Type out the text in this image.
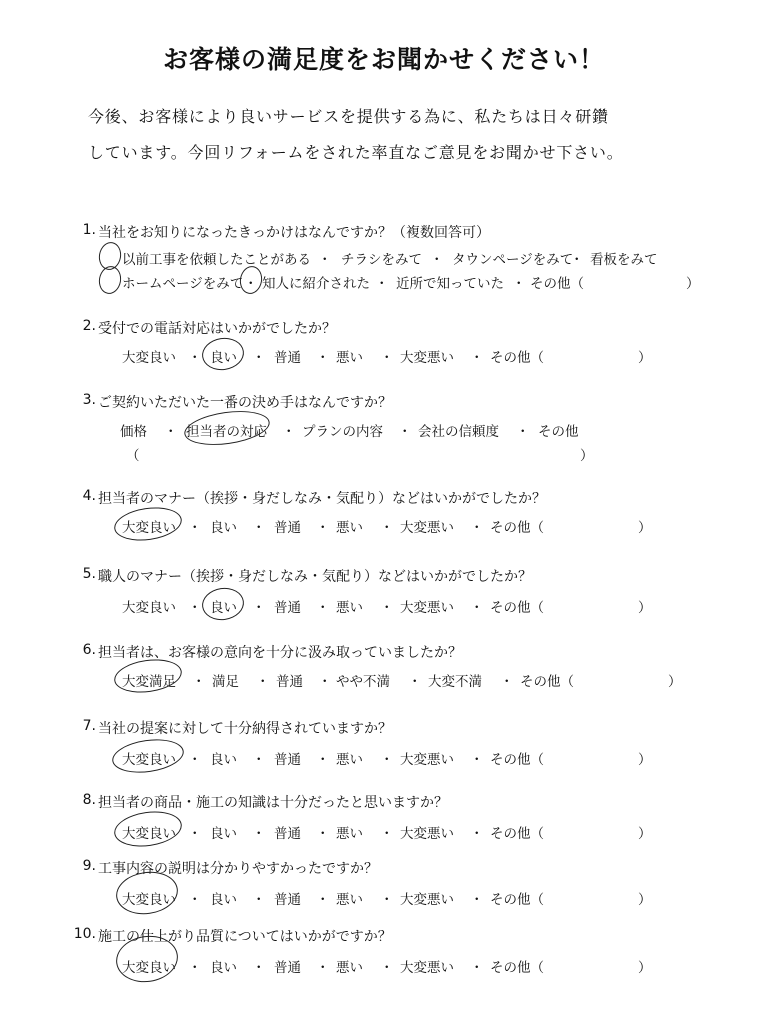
お客様の満足度をお聞かせください！
今後、お客様により良いサービスを提供する為に、私たちは日々研鑽
しています。今回リフォームをされた率直なご意見をお聞かせ下さい。
1. 当社をお知りになったきっかけはなんですか？（複数回答可）
以前工事を依頼したことがある ・ チラシをみて ・ タウンページをみて
・ 看板をみて
ホームページをみて ・ 知人に紹介された ・ 近所で知っていた ・ その他（	）
2. 受付での電話対応はいかがでしたか？
大変良い ・ 良い ・ 普通 ・ 悪い ・ 大変悪い ・ その他（	）
3. ご契約いただいた一番の決め手はなんですか？
価格 ・ 担当者の対応 ・ プランの内容 ・ 会社の信頼度 ・ その他
（	）
4. 担当者のマナー（挨拶・身だしなみ・気配り）などはいかがでしたか？
大変良い ・ 良い ・ 普通 ・ 悪い ・ 大変悪い ・ その他（	）
5. 職人のマナー（挨拶・身だしなみ・気配り）などはいかがでしたか？
大変良い ・ 良い ・ 普通 ・ 悪い ・ 大変悪い ・ その他（	）
6. 担当者は、お客様の意向を十分に汲み取っていましたか？
大変満足 ・ 満足 ・ 普通 ・ やや不満 ・ 大変不満 ・ その他（	）
7. 当社の提案に対して十分納得されていますか？
大変良い ・ 良い ・ 普通 ・ 悪い ・ 大変悪い ・ その他（	）
8. 担当者の商品・施工の知識は十分だったと思いますか？
大変良い ・ 良い ・ 普通 ・ 悪い ・ 大変悪い ・ その他（	）
9. 工事内容の説明は分かりやすかったですか？
大変良い ・ 良い ・ 普通 ・ 悪い ・ 大変悪い ・ その他（	）
10. 施工の仕上がり品質についてはいかがですか？
大変良い ・ 良い ・ 普通 ・ 悪い ・ 大変悪い ・ その他（	）
